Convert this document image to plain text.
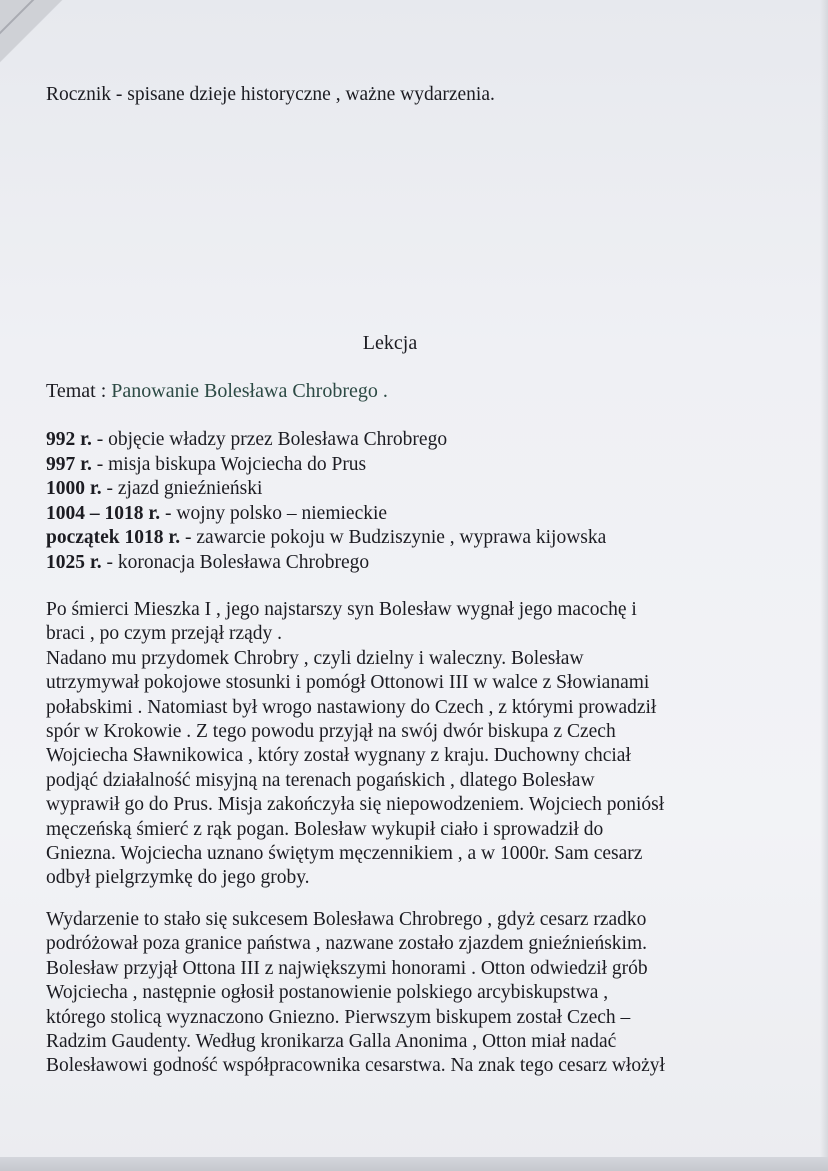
Rocznik - spisane dzieje historyczne , ważne wydarzenia.
Lekcja
Temat : Panowanie Bolesława Chrobrego .
992 r. - objęcie władzy przez Bolesława Chrobrego
997 r. - misja biskupa Wojciecha do Prus
1000 r. - zjazd gnieźnieński
1004 – 1018 r. - wojny polsko – niemieckie
początek 1018 r. - zawarcie pokoju w Budziszynie , wyprawa kijowska
1025 r. - koronacja Bolesława Chrobrego
Po śmierci Mieszka I , jego najstarszy syn Bolesław wygnał jego macochę i
braci , po czym przejął rządy .
Nadano mu przydomek Chrobry , czyli dzielny i waleczny. Bolesław
utrzymywał pokojowe stosunki i pomógł Ottonowi III w walce z Słowianami
połabskimi . Natomiast był wrogo nastawiony do Czech , z którymi prowadził
spór w Krokowie . Z tego powodu przyjął na swój dwór biskupa z Czech
Wojciecha Sławnikowica , który został wygnany z kraju. Duchowny chciał
podjąć działalność misyjną na terenach pogańskich , dlatego Bolesław
wyprawił go do Prus. Misja zakończyła się niepowodzeniem. Wojciech poniósł
męczeńską śmierć z rąk pogan. Bolesław wykupił ciało i sprowadził do
Gniezna. Wojciecha uznano świętym męczennikiem , a w 1000r. Sam cesarz
odbył pielgrzymkę do jego groby.
Wydarzenie to stało się sukcesem Bolesława Chrobrego , gdyż cesarz rzadko
podróżował poza granice państwa , nazwane zostało zjazdem gnieźnieńskim.
Bolesław przyjął Ottona III z największymi honorami . Otton odwiedził grób
Wojciecha , następnie ogłosił postanowienie polskiego arcybiskupstwa ,
którego stolicą wyznaczono Gniezno. Pierwszym biskupem został Czech –
Radzim Gaudenty. Według kronikarza Galla Anonima , Otton miał nadać
Bolesławowi godność współpracownika cesarstwa. Na znak tego cesarz włożył
